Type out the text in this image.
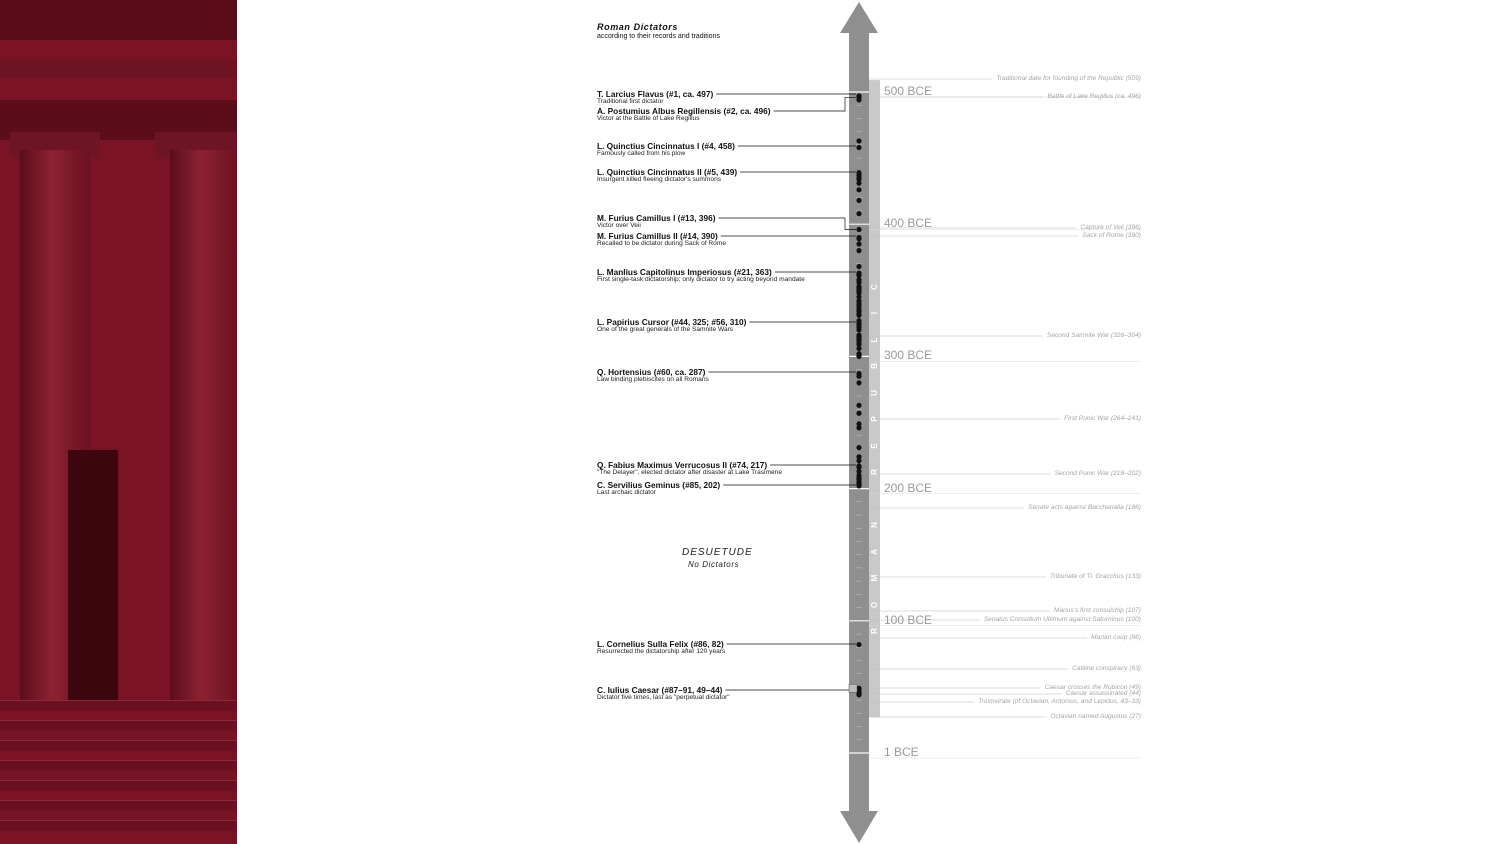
Roman Dictators
according to their records and traditions
500 BCE
400 BCE
300 BCE
200 BCE
100 BCE
1 BCE
R
O
M
A
N
R
E
P
U
B
L
I
C
T. Larcius Flavus (#1, ca. 497)
Traditional first dictator
A. Postumius Albus Regillensis (#2, ca. 496)
Victor at the Battle of Lake Regillus
L. Quinctius Cincinnatus I (#4, 458)
Famously called from his plow
L. Quinctius Cincinnatus II (#5, 439)
Insurgent killed fleeing dictator's summons
M. Furius Camillus I (#13, 396)
Victor over Veii
M. Furius Camillus II (#14, 390)
Recalled to be dictator during Sack of Rome
L. Manlius Capitolinus Imperiosus (#21, 363)
First single-task dictatorship; only dictator to try acting beyond mandate
L. Papirius Cursor (#44, 325; #56, 310)
One of the great generals of the Samnite Wars
Q. Hortensius (#60, ca. 287)
Law binding plebiscites on all Romans
Q. Fabius Maximus Verrucosus II (#74, 217)
"The Delayer", elected dictator after disaster at Lake Trasimene
C. Servilius Geminus (#85, 202)
Last archaic dictator
L. Cornelius Sulla Felix (#86, 82)
Resurrected the dictatorship after 120 years
C. Iulius Caesar (#87–91, 49–44)
Dictator five times, last as "perpetual dictator"
Traditional date for founding of the Republic (509)
Battle of Lake Regillus (ca. 496)
Capture of Veii (396)
Sack of Rome (390)
Second Samnite War (326–304)
First Punic War (264–241)
Second Punic War (218–202)
Senate acts against Bacchanalia (186)
Tribunate of Ti. Gracchus (133)
Marius's first consulship (107)
Senatus Consultum Ultimum against Saturninus (100)
Marian coup (86)
Catiline conspiracy (63)
Caesar crosses the Rubicon (49)
Caesar assassinated (44)
Triumvirate (of Octavian, Antonius, and Lepidus, 43–33)
Octavian named Augustus (27)
DESUETUDE
No Dictators
